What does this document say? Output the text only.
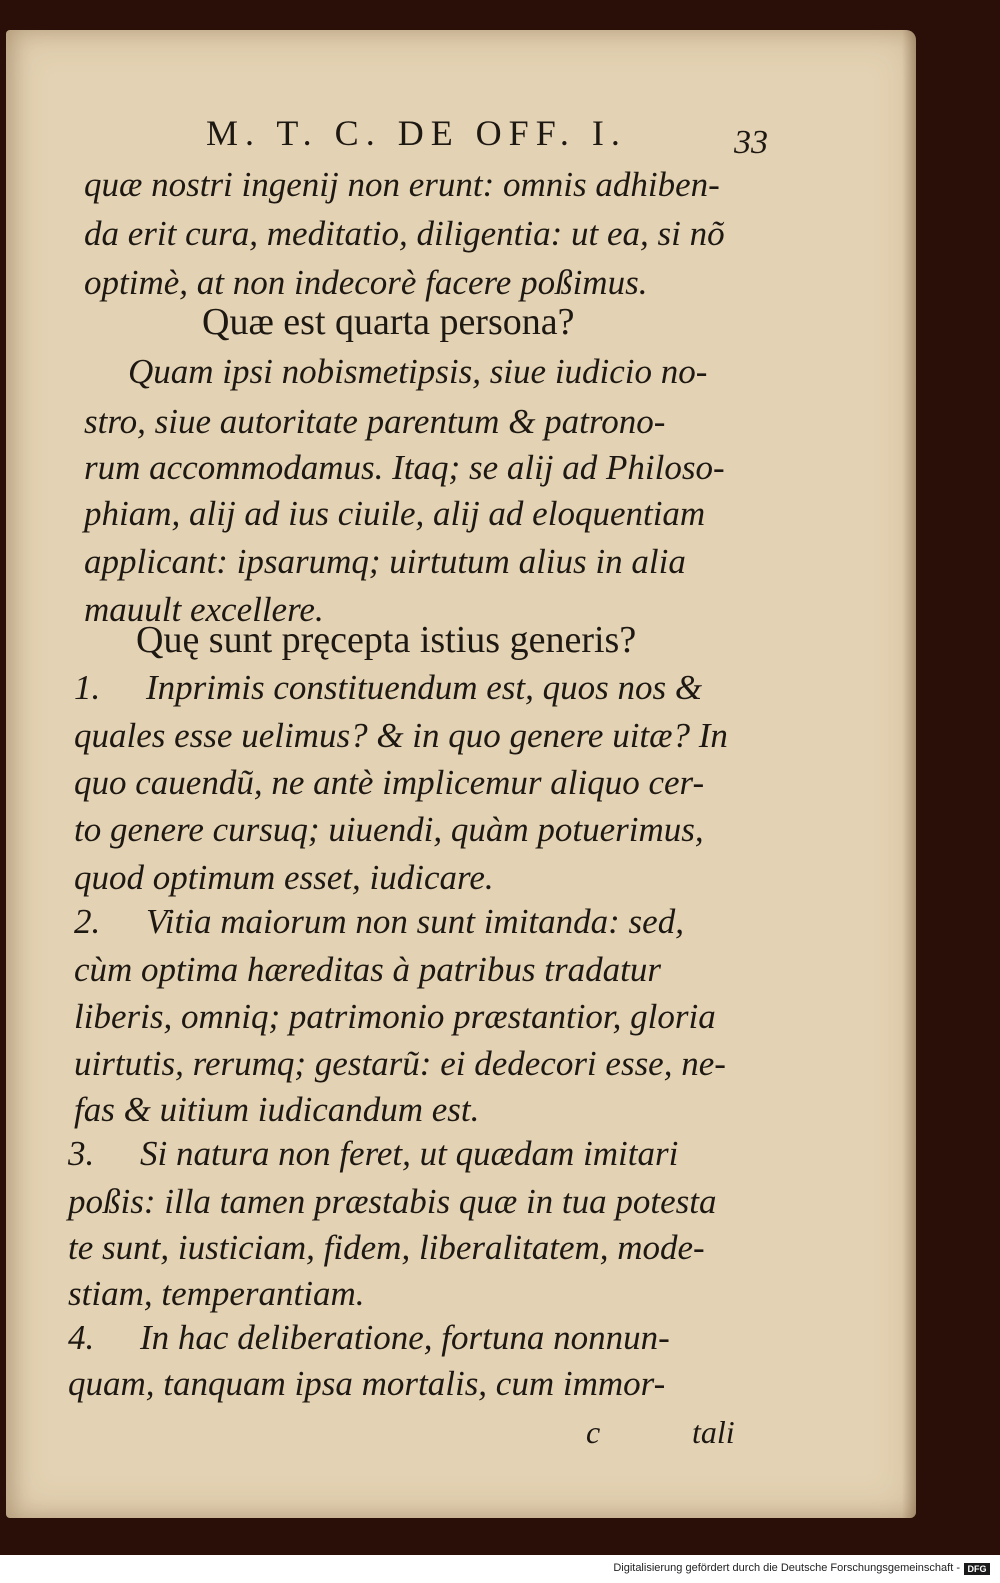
M. T. C. DE OFF. I.	33
quæ nostri ingenij non erunt: omnis adhiben-
da erit cura, meditatio, diligentia: ut ea, si nõ
optimè, at non indecorè facere poßimus.
Quæ est quarta persona?
Quam ipsi nobismetipsis, siue iudicio no-
stro, siue autoritate parentum & patrono-
rum accommodamus. Itaq; se alij ad Philoso-
phiam, alij ad ius ciuile, alij ad eloquentiam
applicant: ipsarumq; uirtutum alius in alia
mauult excellere.
Quę sunt pręcepta istius generis?
1. Inprimis constituendum est, quos nos &
quales esse uelimus? & in quo genere uitæ? In
quo cauendũ, ne antè implicemur aliquo cer-
to genere cursuq; uiuendi, quàm potuerimus,
quod optimum esset, iudicare.
2. Vitia maiorum non sunt imitanda: sed,
cùm optima hæreditas à patribus tradatur
liberis, omniq; patrimonio præstantior, gloria
uirtutis, rerumq; gestarũ: ei dedecori esse, ne-
fas & uitium iudicandum est.
3. Si natura non feret, ut quædam imitari
poßis: illa tamen præstabis quæ in tua potesta
te sunt, iusticiam, fidem, liberalitatem, mode-
stiam, temperantiam.
4. In hac deliberatione, fortuna nonnun-
quam, tanquam ipsa mortalis, cum immor-
c	tali
Digitalisierung gefördert durch die Deutsche Forschungsgemeinschaft - DFG
